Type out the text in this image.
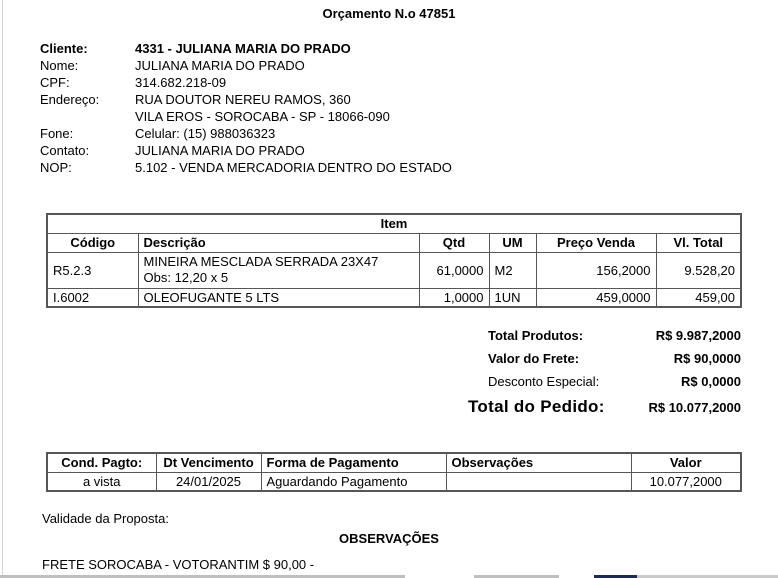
Orçamento N.o 47851
Cliente:	4331 - JULIANA MARIA DO PRADO
Nome:	JULIANA MARIA DO PRADO
CPF:	314.682.218-09
Endereço:	RUA DOUTOR NEREU RAMOS, 360
VILA EROS - SOROCABA - SP - 18066-090
Fone:	Celular: (15) 988036323
Contato:	JULIANA MARIA DO PRADO
NOP:	5.102 - VENDA MERCADORIA DENTRO DO ESTADO
Item					
Código	Descrição	Qtd	UM	Preço Venda	Vl. Total
R5.2.3	MINEIRA MESCLADA SERRADA 23X47
Obs: 12,20 x 5	61,0000	M2	156,2000	9.528,20
I.6002	OLEOFUGANTE 5 LTS	1,0000	1UN	459,0000	459,00
Total Produtos:	R$ 9.987,2000
Valor do Frete:	R$ 90,0000
Desconto Especial:	R$ 0,0000
Total do Pedido:	R$ 10.077,2000
Cond. Pagto:	Dt Vencimento	Forma de Pagamento	Observações	Valor
a vista	24/01/2025	Aguardando Pagamento		10.077,2000
Validade da Proposta:
OBSERVAÇÕES
FRETE SOROCABA - VOTORANTIM $ 90,00 -
